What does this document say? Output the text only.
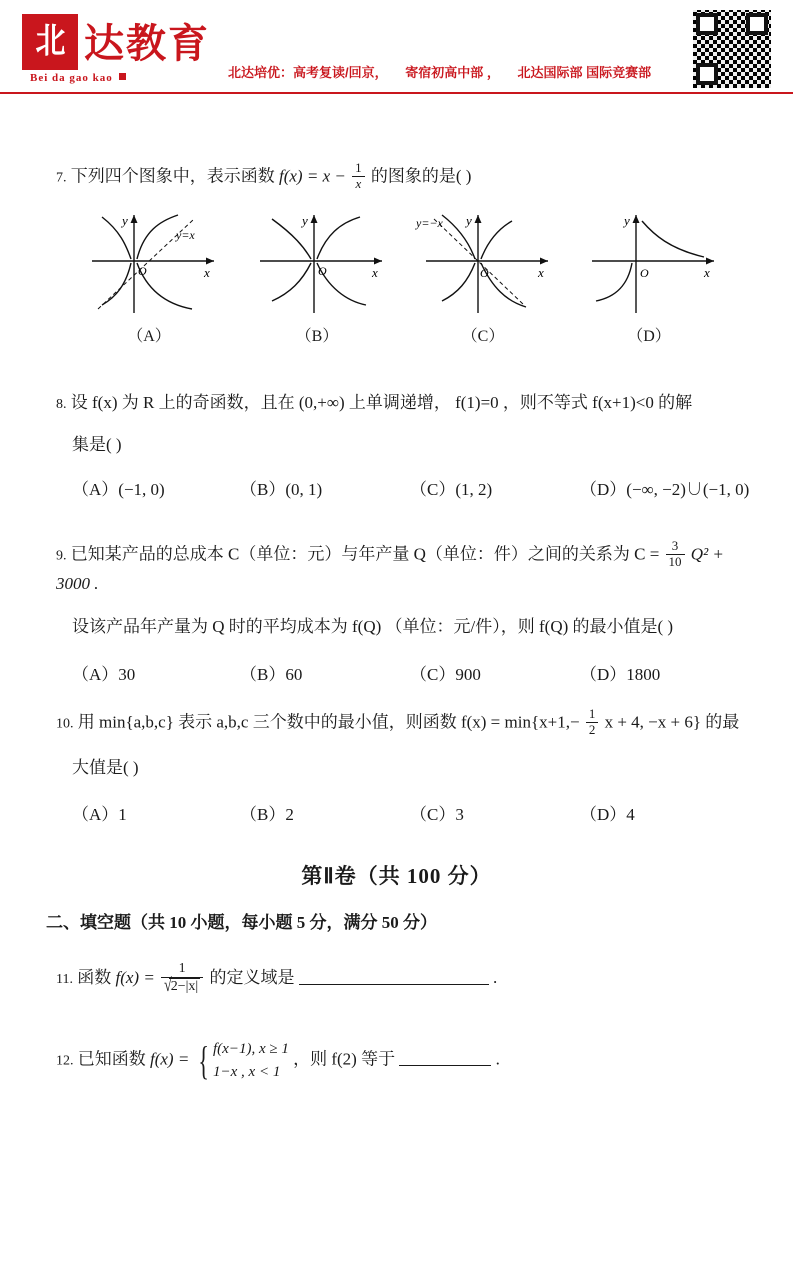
北 达教育
Bei da gao kao	北达培优：高考复读/回京， 寄宿初高中部 ， 北达国际部 国际竞赛部
7. 下列四个图象中，表示函数 $f(x) = x - \frac{1}{x}$ 的图象的是( )
y
x
O
y=x
（A）
y
x
O
（B）
y
x
O
y=−x
（C）
y
x
O
（D）
8. 设 f(x) 为 R 上的奇函数，且在 (0,+∞) 上单调递增， f(1)=0 ，则不等式 f(x+1)<0 的解
集是( )
（A）(−1, 0)	（B）(0, 1)	（C）(1, 2)	（D）(−∞, −2)∪(−1, 0)
9. 已知某产品的总成本 C（单位：元）与年产量 Q（单位：件）之间的关系为 $C = \frac{3}{10} Q^2 + 3000$ .
设该产品年产量为 Q 时的平均成本为 f(Q) （单位：元/件），则 f(Q) 的最小值是( )
（A）30	（B）60	（C）900	（D）1800
10. 用 min{a,b,c} 表示 a,b,c 三个数中的最小值，则函数 $f(x) = \min\{x+1,- \frac{1}{2}$ x + 4, −x + 6} 的最
大值是( )
（A）1	（B）2	（C）3	（D）4
第Ⅱ卷（共 100 分）
二、填空题（共 10 小题，每小题 5 分，满分 50 分）
11. 函数 $f(x) = \frac{1}{√2-|x|}$ 的定义域是	.
12. 已知函数 f(x) = { f(x−1), x ≥ 1
1−x , x < 1
，则 f(2) 等于	.
